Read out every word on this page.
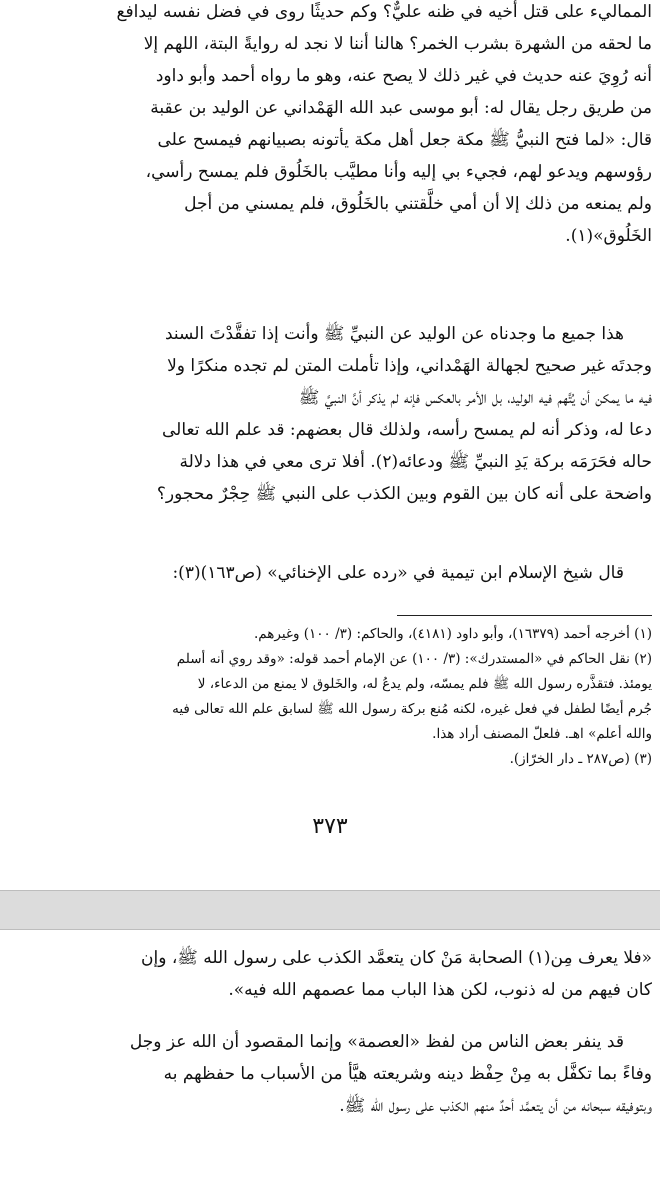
المماليء على قتل أخيه في ظنه عليٌّ؟ وكم حديثًا روى في فضل نفسه ليدافع

ما لحقه من الشهرة بشرب الخمر؟ هالنا أننا لا نجد له روايةً البتة، اللهم إلا

أنه رُوِيَ عنه حديث في غير ذلك لا يصح عنه، وهو ما رواه أحمد وأبو داود

من طريق رجل يقال له: أبو موسى عبد الله الهَمْداني عن الوليد بن عقبة

قال: «لما فتح النبيُّ ﷺ مكة جعل أهل مكة يأتونه بصبيانهم فيمسح على

رؤوسهم ويدعو لهم، فجيء بي إليه وأنا مطيَّب بالخَلُوق فلم يمسح رأسي،

ولم يمنعه من ذلك إلا أن أمي خلَّقتني بالخَلُوق، فلم يمسني من أجل

الخَلُوق»(١).

هذا جميع ما وجدناه عن الوليد عن النبيِّ ﷺ وأنت إذا تفقَّدْتَ السند

وجدتَه غير صحيح لجهالة الهَمْداني، وإذا تأملت المتن لم تجده منكرًا ولا

فيه ما يمكن أن يُتَّهم فيه الوليد، بل الأمر بالعكس فإنه لم يذكر أنَّ النبيَّ ﷺ

دعا له، وذكر أنه لم يمسح رأسه، ولذلك قال بعضهم: قد علم الله تعالى

حاله فحَرَمَه بركة يَدِ النبيِّ ﷺ ودعائه(٢). أفلا ترى معي في هذا دلالة

واضحة على أنه كان بين القوم وبين الكذب على النبي ﷺ حِجْرٌ محجور؟

قال شيخ الإسلام ابن تيمية في «رده على الإخنائي» (ص١٦٣)(٣):

(١) أخرجه أحمد (١٦٣٧٩)، وأبو داود (٤١٨١)، والحاكم: (٣/ ١٠٠) وغيرهم.

(٢) نقل الحاكم في «المستدرك»: (٣/ ١٠٠) عن الإمام أحمد قوله: «وقد روي أنه أسلم

يومئذ. فتقذَّره رسول الله ﷺ فلم يمسّه، ولم يدعُ له، والخَلوق لا يمنع من الدعاء، لا

جُرم أيضًا لطفل في فعل غيره، لكنه مُنع بركة رسول الله ﷺ لسابق علم الله تعالى فيه

والله أعلم» اهـ. فلعلّ المصنف أراد هذا.

(٣) (ص٢٨٧ ـ دار الخرّاز).

٣٧٣

«فلا يعرف مِن(١) الصحابة مَنْ كان يتعمَّد الكذب على رسول الله ﷺ، وإن

كان فيهم من له ذنوب، لكن هذا الباب مما عصمهم الله فيه».

قد ينفر بعض الناس من لفظ «العصمة» وإنما المقصود أن الله عز وجل

وفاءً بما تكفَّل به مِنْ حِفْظ دينه وشريعته هيَّأ من الأسباب ما حفظهم به

وبتوفيقه سبحانه من أن يتعمَّد أحدٌ منهم الكذب على رسول الله ﷺ.
